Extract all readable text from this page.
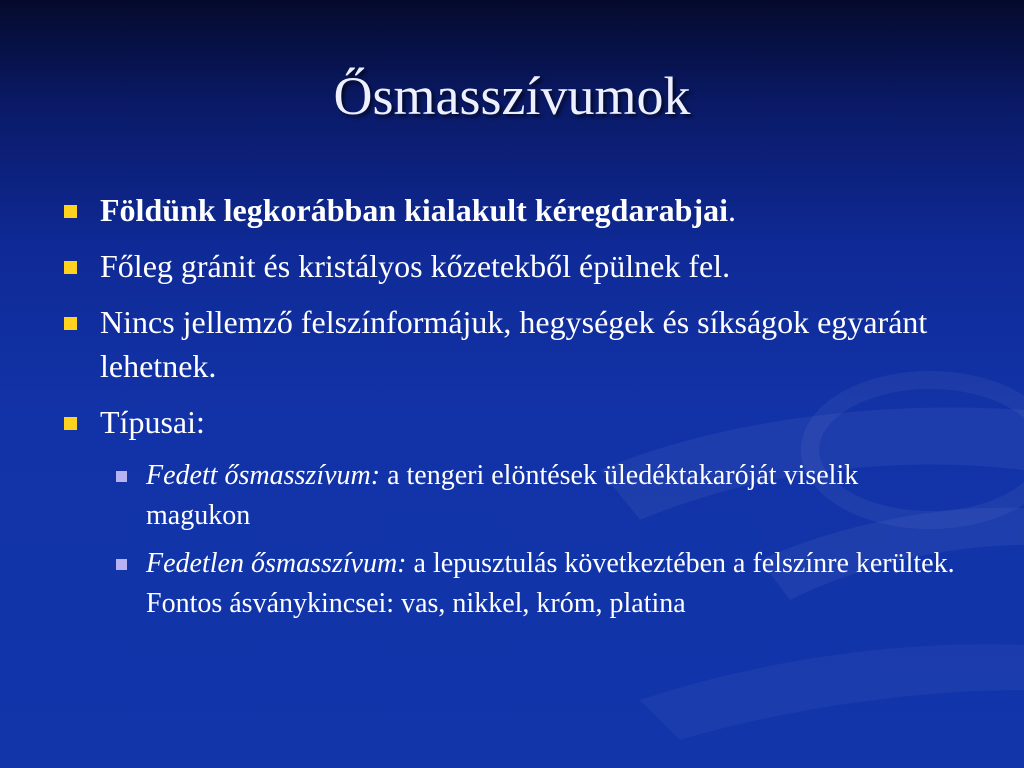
Ősmasszívumok
Földünk legkorábban kialakult kéregdarabjai.
Főleg gránit és kristályos kőzetekből épülnek fel.
Nincs jellemző felszínformájuk, hegységek és síkságok egyaránt lehetnek.
Típusai:
Fedett ősmasszívum: a tengeri elöntések üledéktakaróját viselik magukon
Fedetlen ősmasszívum: a lepusztulás következtében a felszínre kerültek. Fontos ásványkincsei: vas, nikkel, króm, platina
